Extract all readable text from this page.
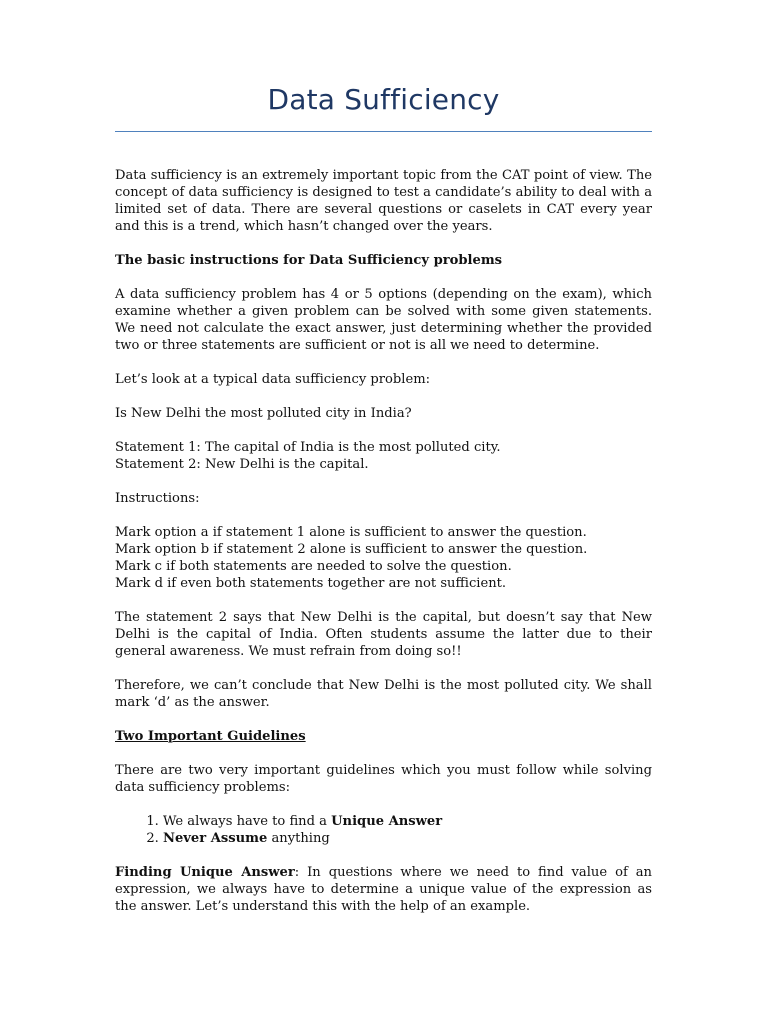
Data Sufficiency

Data sufficiency is an extremely important topic from the CAT point of view. The concept of data sufficiency is designed to test a candidate’s ability to deal with a limited set of data. There are several questions or caselets in CAT every year and this is a trend, which hasn’t changed over the years.

The basic instructions for Data Sufficiency problems

A data sufficiency problem has 4 or 5 options (depending on the exam), which examine whether a given problem can be solved with some given statements. We need not calculate the exact answer, just determining whether the provided two or three statements are sufficient or not is all we need to determine.

Let’s look at a typical data sufficiency problem:

Is New Delhi the most polluted city in India?

Statement 1: The capital of India is the most polluted city.

Statement 2: New Delhi is the capital.

Instructions:

Mark option a if statement 1 alone is sufficient to answer the question.

Mark option b if statement 2 alone is sufficient to answer the question.

Mark c if both statements are needed to solve the question.

Mark d if even both statements together are not sufficient.

The statement 2 says that New Delhi is the capital, but doesn’t say that New Delhi is the capital of India. Often students assume the latter due to their general awareness. We must refrain from doing so!!

Therefore, we can’t conclude that New Delhi is the most polluted city. We shall mark ‘d’ as the answer.

Two Important Guidelines

There are two very important guidelines which you must follow while solving data sufficiency problems:

1. We always have to find a Unique Answer
2. Never Assume anything

Finding Unique Answer: In questions where we need to find value of an expression, we always have to determine a unique value of the expression as the answer. Let’s understand this with the help of an example.
